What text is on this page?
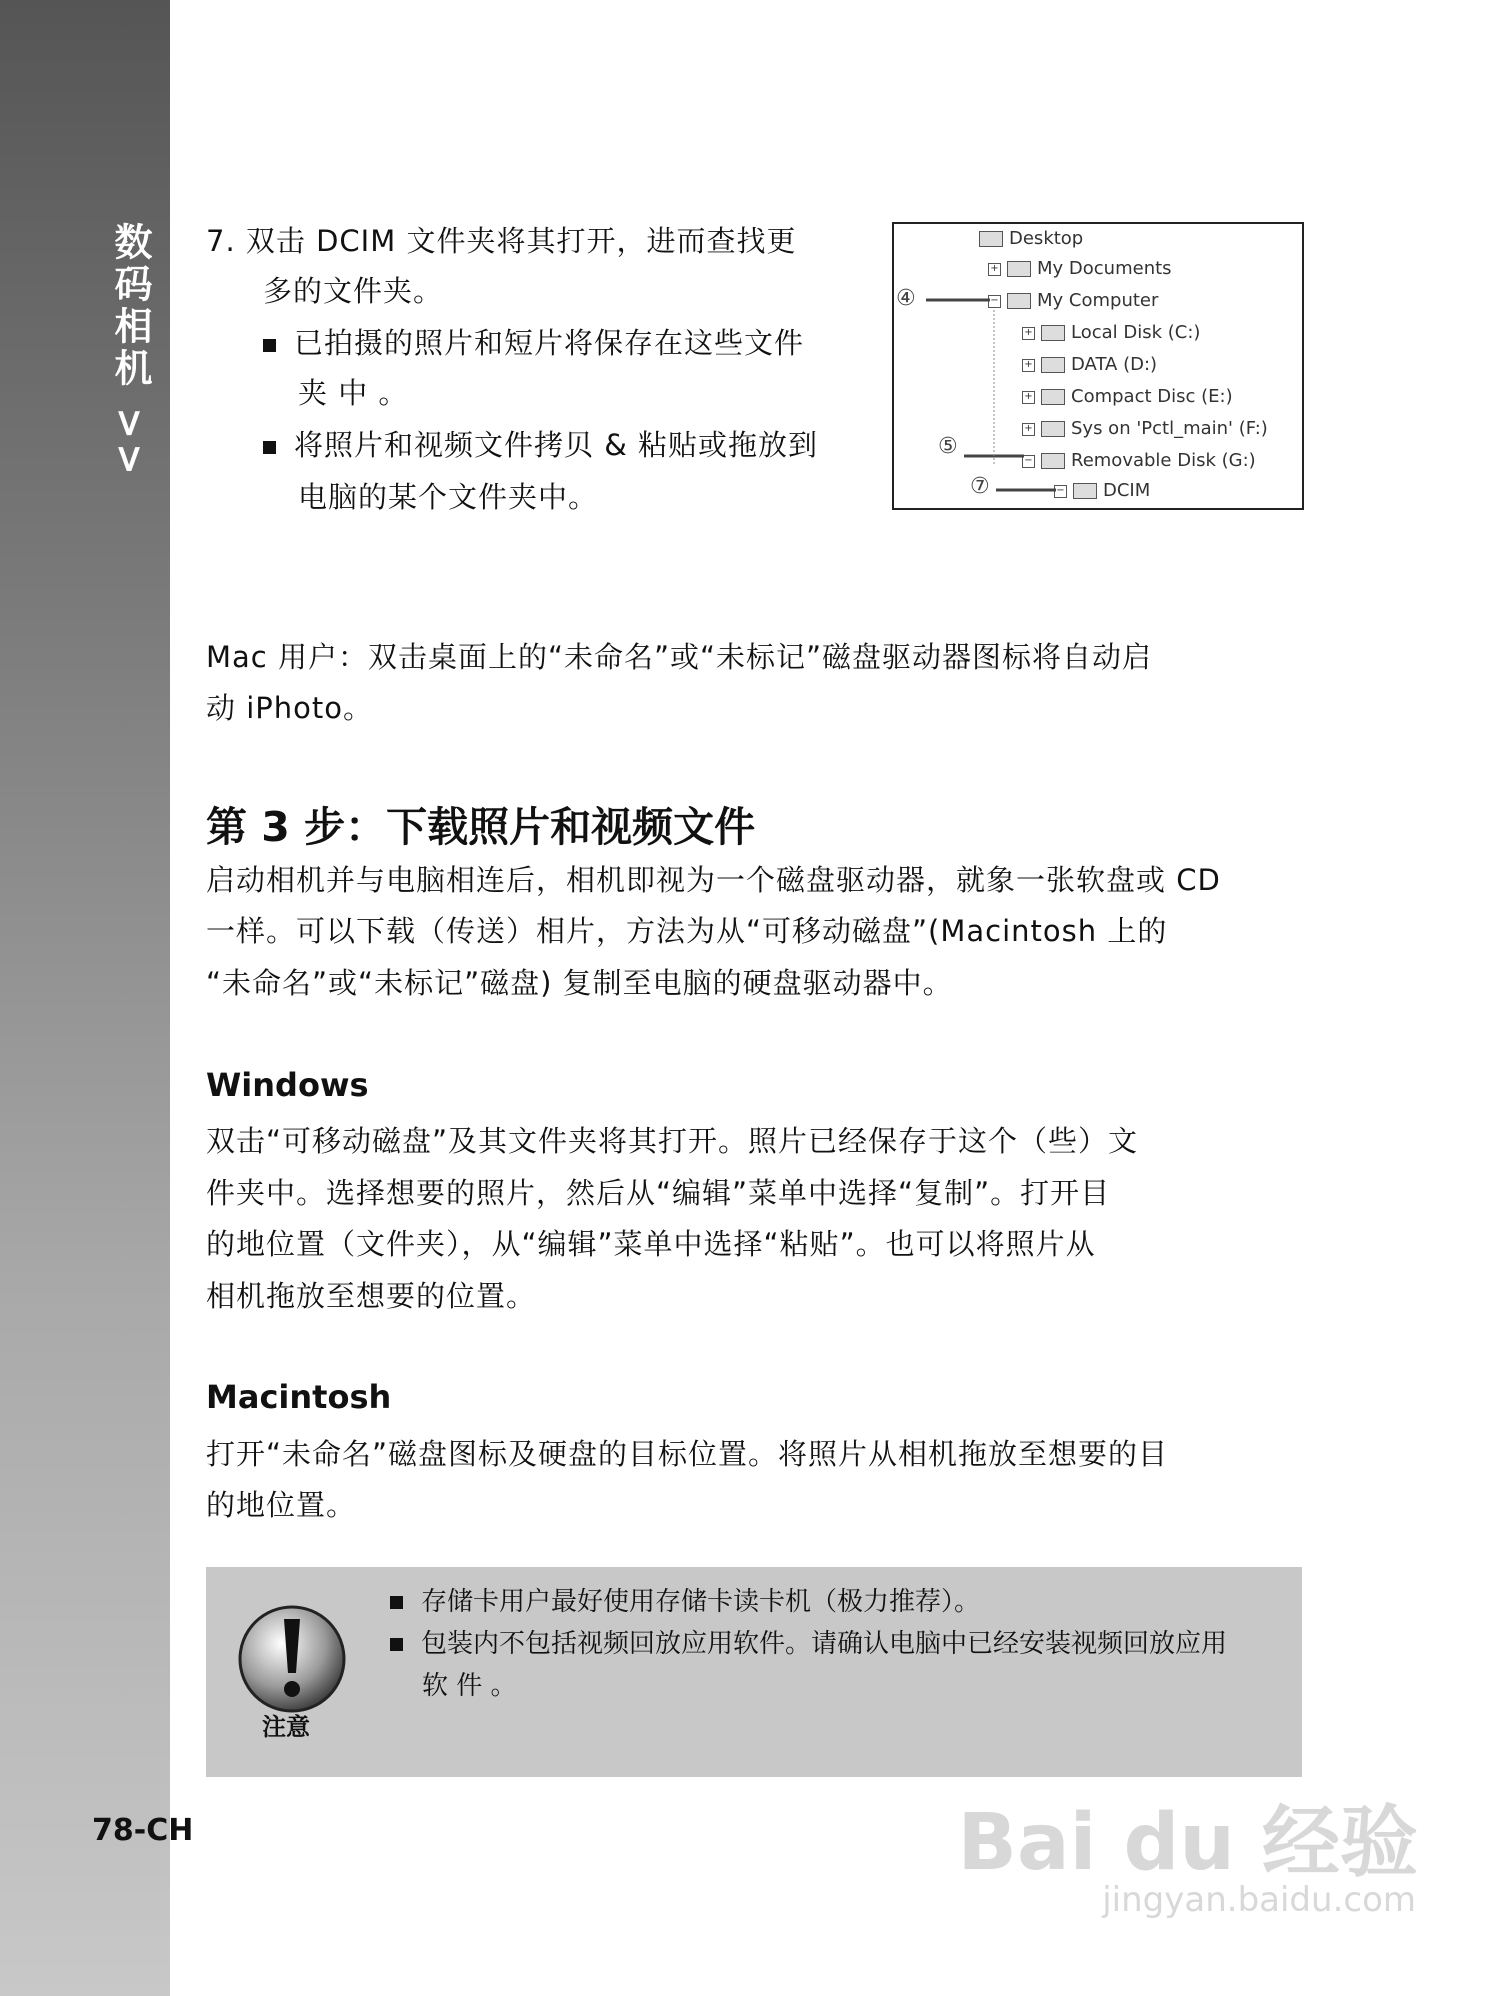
数码相机 >>
78-CH
7. 双击 DCIM 文件夹将其打开，进而查找更
多的文件夹。
已拍摄的照片和短片将保存在这些文件
夹 中 。
将照片和视频文件拷贝 & 粘贴或拖放到
电脑的某个文件夹中。
Desktop
+ My Documents
− My Computer
+ Local Disk (C:)
+ DATA (D:)
+ Compact Disc (E:)
+ Sys on 'Pctl_main' (F:)
− Removable Disk (G:)
− DCIM
④
⑤
⑦
Mac 用户：双击桌面上的“未命名”或“未标记”磁盘驱动器图标将自动启
动 iPhoto。
第 3 步：下载照片和视频文件
启动相机并与电脑相连后，相机即视为一个磁盘驱动器，就象一张软盘或 CD
一样。可以下载（传送）相片，方法为从“可移动磁盘”(Macintosh 上的
“未命名”或“未标记”磁盘) 复制至电脑的硬盘驱动器中。
Windows
双击“可移动磁盘”及其文件夹将其打开。照片已经保存于这个（些）文
件夹中。选择想要的照片，然后从“编辑”菜单中选择“复制”。打开目
的地位置（文件夹），从“编辑”菜单中选择“粘贴”。也可以将照片从
相机拖放至想要的位置。
Macintosh
打开“未命名”磁盘图标及硬盘的目标位置。将照片从相机拖放至想要的目
的地位置。
注意
存储卡用户最好使用存储卡读卡机（极力推荐）。
包装内不包括视频回放应用软件。请确认电脑中已经安装视频回放应用
软 件 。
Bai du 经验
jingyan.baidu.com
